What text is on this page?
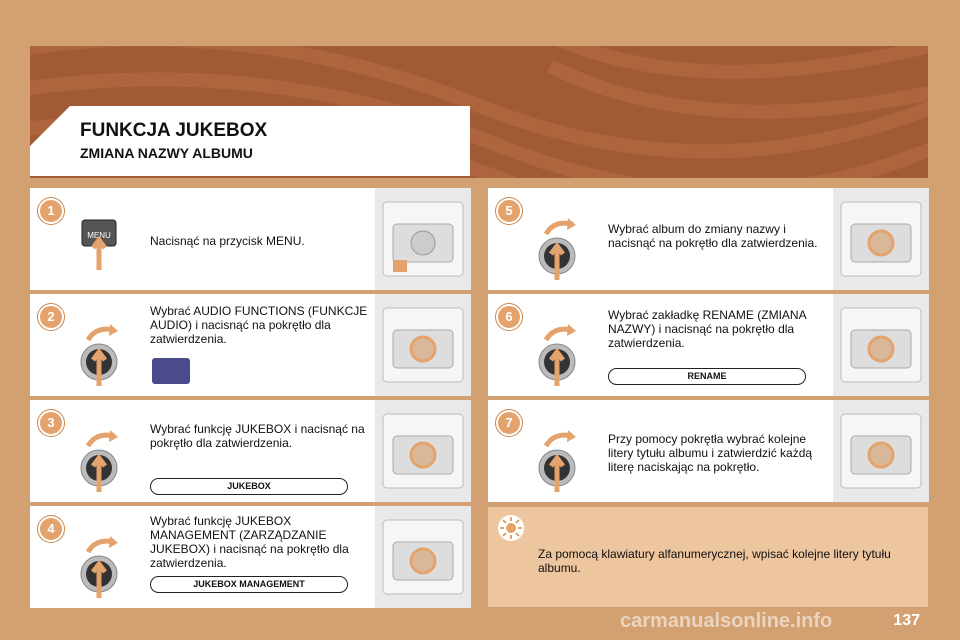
FUNKCJA JUKEBOX
ZMIANA NAZWY ALBUMU
1
MENU	Nacisnąć na przycisk MENU.
2	Wybrać AUDIO FUNCTIONS (FUNKCJE AUDIO) i nacisnąć na pokrętło dla zatwierdzenia.
3	Wybrać funkcję JUKEBOX i nacisnąć na pokrętło dla zatwierdzenia.
JUKEBOX
4	Wybrać funkcję JUKEBOX MANAGEMENT (ZARZĄDZANIE JUKEBOX) i nacisnąć na pokrętło dla zatwierdzenia.
JUKEBOX MANAGEMENT
5
Wybrać album do zmiany nazwy i nacisnąć na pokrętło dla zatwierdzenia.
6	Wybrać zakładkę RENAME (ZMIANA NAZWY) i nacisnąć na pokrętło dla zatwierdzenia.
RENAME
7
Przy pomocy pokrętła wybrać kolejne litery tytułu albumu i zatwierdzić każdą literę naciskając na pokrętło.
Za pomocą klawiatury alfanumerycznej, wpisać kolejne litery tytułu albumu.
carmanualsonline.info	137
